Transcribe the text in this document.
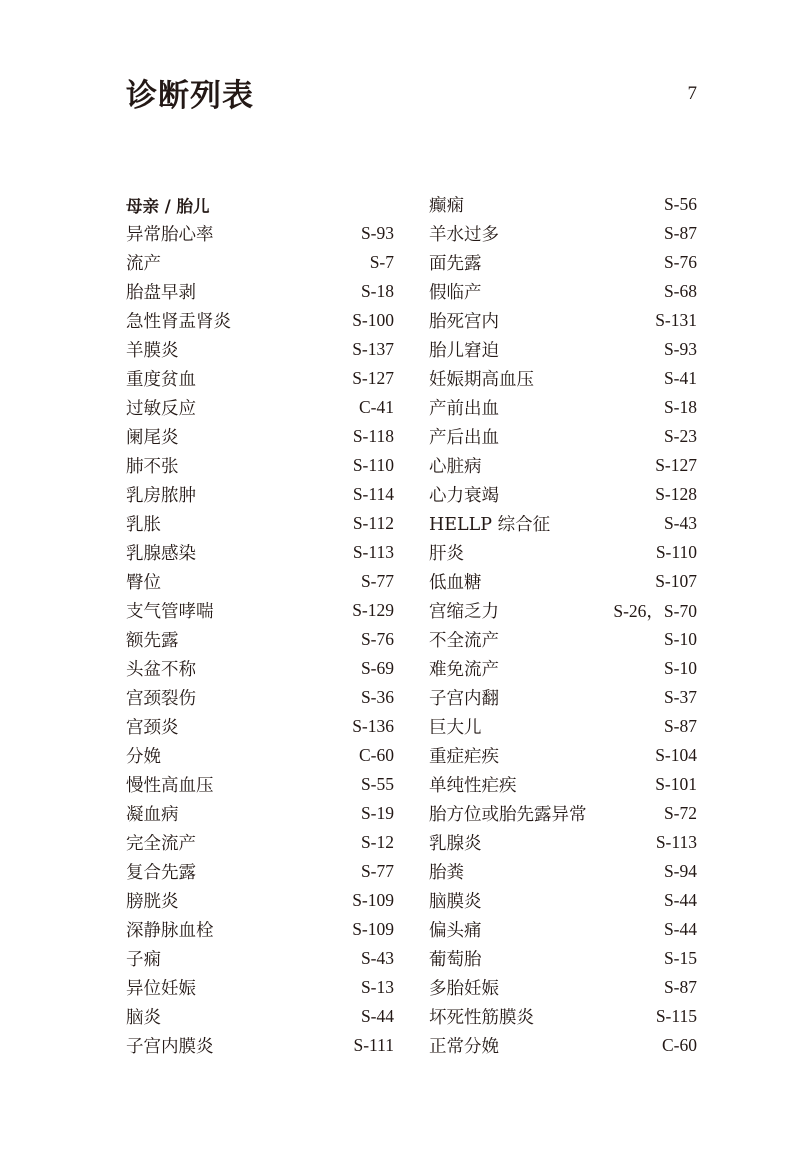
诊断列表	7
母亲 / 胎儿
异常胎心率	S-93
流产	S-7
胎盘早剥	S-18
急性肾盂肾炎	S-100
羊膜炎	S-137
重度贫血	S-127
过敏反应	C-41
阑尾炎	S-118
肺不张	S-110
乳房脓肿	S-114
乳胀	S-112
乳腺感染	S-113
臀位	S-77
支气管哮喘	S-129
额先露	S-76
头盆不称	S-69
宫颈裂伤	S-36
宫颈炎	S-136
分娩	C-60
慢性高血压	S-55
凝血病	S-19
完全流产	S-12
复合先露	S-77
膀胱炎	S-109
深静脉血栓	S-109
子痫	S-43
异位妊娠	S-13
脑炎	S-44
子宫内膜炎	S-111
癫痫	S-56
羊水过多	S-87
面先露	S-76
假临产	S-68
胎死宫内	S-131
胎儿窘迫	S-93
妊娠期高血压	S-41
产前出血	S-18
产后出血	S-23
心脏病	S-127
心力衰竭	S-128
HELLP 综合征	S-43
肝炎	S-110
低血糖	S-107
宫缩乏力	S-26，S-70
不全流产	S-10
难免流产	S-10
子宫内翻	S-37
巨大儿	S-87
重症疟疾	S-104
单纯性疟疾	S-101
胎方位或胎先露异常	S-72
乳腺炎	S-113
胎粪	S-94
脑膜炎	S-44
偏头痛	S-44
葡萄胎	S-15
多胎妊娠	S-87
坏死性筋膜炎	S-115
正常分娩	C-60
